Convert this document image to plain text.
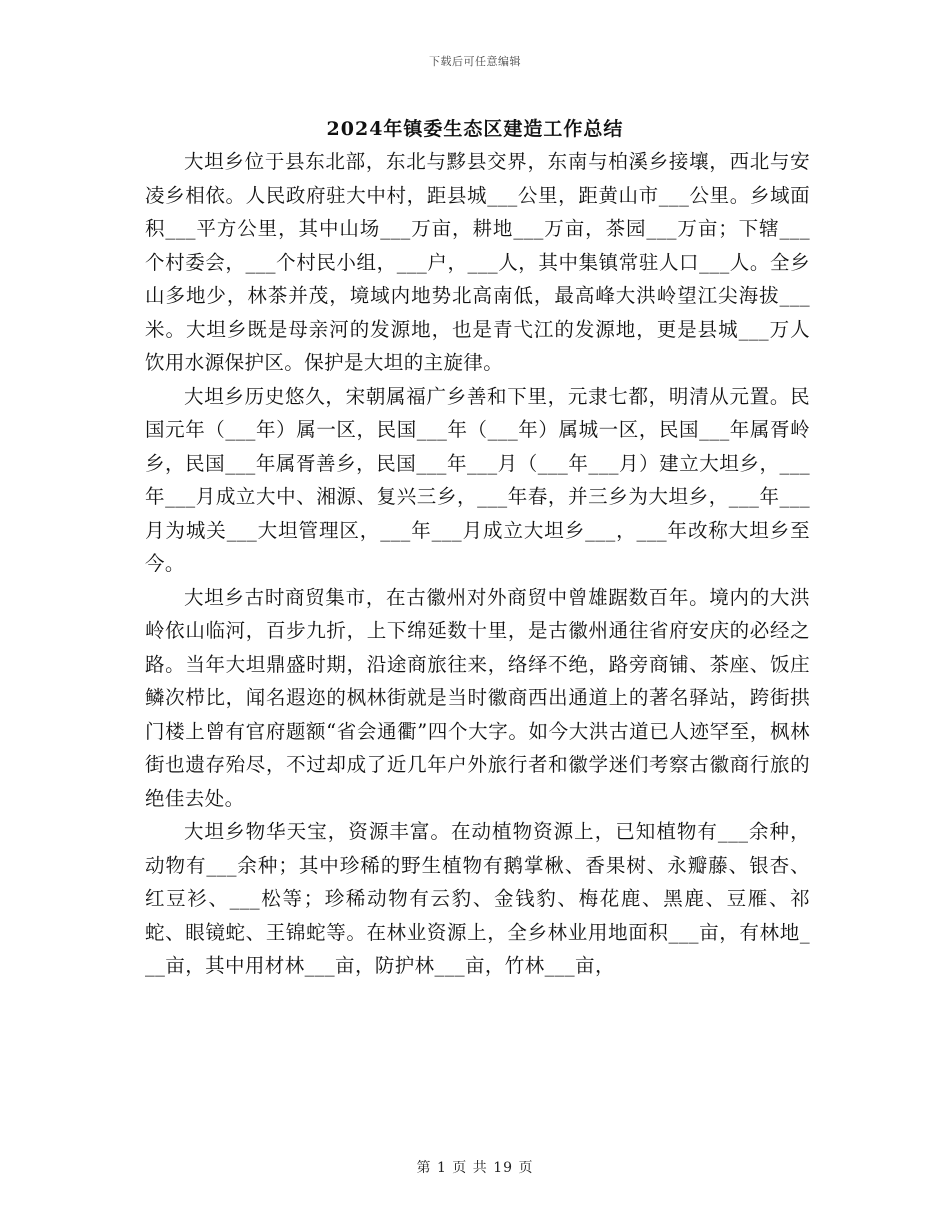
下载后可任意编辑
2024年镇委生态区建造工作总结

大坦乡位于县东北部，东北与黟县交界，东南与柏溪乡接壤，西北与安凌乡相依。人民政府驻大中村，距县城___公里，距黄山市___公里。乡域面积___平方公里，其中山场___万亩，耕地___万亩，茶园___万亩；下辖___个村委会，___个村民小组，___户，___人，其中集镇常驻人口___人。全乡山多地少，林茶并茂，境域内地势北高南低，最高峰大洪岭望江尖海拔___米。大坦乡既是母亲河的发源地，也是青弋江的发源地，更是县城___万人饮用水源保护区。保护是大坦的主旋律。

大坦乡历史悠久，宋朝属福广乡善和下里，元隶七都，明清从元置。民国元年（___年）属一区，民国___年（___年）属城一区，民国___年属胥岭乡，民国___年属胥善乡，民国___年___月（___年___月）建立大坦乡，___年___月成立大中、湘源、复兴三乡，___年春，并三乡为大坦乡，___年___月为城关___大坦管理区，___年___月成立大坦乡___，___年改称大坦乡至今。

大坦乡古时商贸集市，在古徽州对外商贸中曾雄踞数百年。境内的大洪岭依山临河，百步九折，上下绵延数十里，是古徽州通往省府安庆的必经之路。当年大坦鼎盛时期，沿途商旅往来，络绎不绝，路旁商铺、茶座、饭庄鳞次栉比，闻名遐迩的枫林街就是当时徽商西出通道上的著名驿站，跨街拱门楼上曾有官府题额“省会通衢”四个大字。如今大洪古道已人迹罕至，枫林街也遗存殆尽，不过却成了近几年户外旅行者和徽学迷们考察古徽商行旅的绝佳去处。

大坦乡物华天宝，资源丰富。在动植物资源上，已知植物有___余种，动物有___余种；其中珍稀的野生植物有鹅掌楸、香果树、永瓣藤、银杏、红豆衫、___松等；珍稀动物有云豹、金钱豹、梅花鹿、黑鹿、豆雁、祁蛇、眼镜蛇、王锦蛇等。在林业资源上，全乡林业用地面积___亩，有林地___亩，其中用材林___亩，防护林___亩，竹林___亩，

第 1 页 共 19 页
